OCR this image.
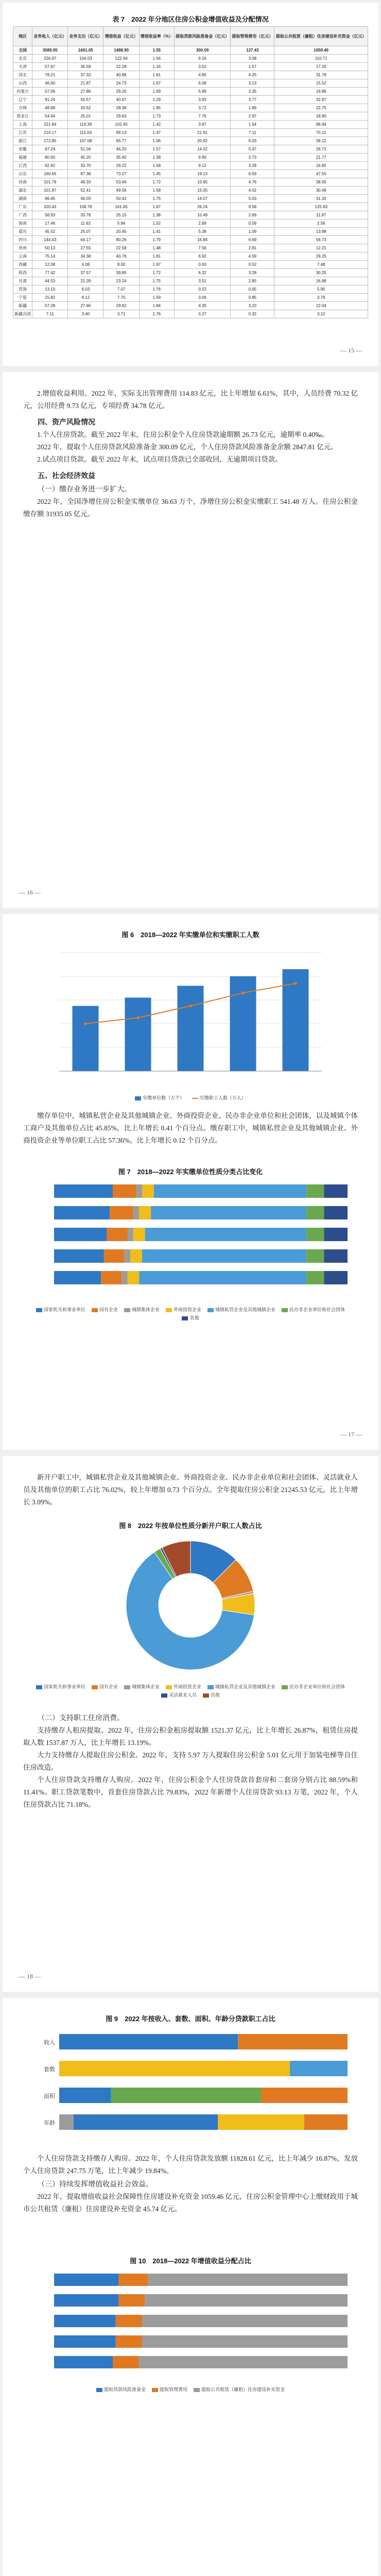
表 7　2022 年分地区住房公积金增值收益及分配情况
地区	业务收入（亿元）	业务支出（亿元）	增值收益（亿元）	增值收益率（%）	提取贷款风险准备金（亿元）	提取管理费用（亿元）	提取公共租赁（廉租）住房建设补充资金（亿元）
全国	3089.95	1601.05	1488.90	1.55	300.09	127.43	1059.46
北京	226.97	104.03	122.94	1.56	9.16	3.08	110.71
天津	57.87	35.59	22.28	1.16	3.52	1.57	17.20
河北	78.21	37.33	40.88	1.61	4.85	4.25	31.78
山西	46.60	21.87	24.73	1.67	6.08	3.13	15.52
内蒙古	57.06	27.86	29.20	1.69	5.99	3.35	19.86
辽宁	91.24	50.57	40.67	1.29	3.93	3.77	32.97
吉林	48.88	20.52	28.36	1.95	3.72	1.89	22.75
黑龙江	54.64	25.01	29.63	1.73	7.76	2.97	18.90
上海	221.84	119.39	102.45	1.42	3.97	1.54	96.94
江苏	214.17	115.04	99.13	1.47	21.91	7.11	70.12
浙江	172.85	107.08	65.77	1.06	20.62	6.03	39.12
安徽	97.24	51.04	46.20	1.57	14.02	5.47	26.71
福建	80.60	45.20	35.40	1.38	9.90	3.73	21.77
江西	62.92	33.70	29.22	1.58	9.12	3.28	16.82
山东	160.65	87.38	73.27	1.45	19.13	6.59	47.55
河南	101.79	48.33	53.46	1.72	10.65	4.76	38.05
湖北	101.97	52.41	49.56	1.58	15.05	4.02	30.49
湖南	96.45	46.03	50.42	1.75	14.07	5.03	31.32
广东	320.43	158.78	161.65	1.67	26.24	9.58	125.83
广西	58.93	33.78	25.15	1.38	10.49	2.69	11.97
海南	17.46	11.62	5.84	1.02	2.69	0.59	2.56
重庆	45.52	25.07	20.45	1.41	5.38	1.09	13.98
四川	144.43	64.17	80.26	1.79	16.84	6.69	56.73
贵州	50.13	27.55	22.58	1.48	7.56	2.81	12.21
云南	75.14	34.38	40.76	1.81	6.92	4.59	29.25
西藏	12.08	4.08	8.00	1.97	0.00	0.52	7.48
陕西	77.42	37.57	39.85	1.72	6.32	3.28	30.25
甘肃	44.53	21.29	23.24	1.75	3.51	2.85	16.88
青海	13.10	6.03	7.07	1.76	0.22	0.95	5.90
宁夏	15.82	8.12	7.70	1.59	3.06	0.85	3.79
新疆	57.28	27.66	29.62	1.84	4.35	3.23	22.04
新疆兵团	7.11	3.40	3.71	1.76	0.27	0.32	3.12
— 15 —

2.增值收益利用。2022 年，实际支出管理费用 114.83 亿元，比上年增加 6.61%，其中，人员经费 70.32 亿元，公用经费 9.73 亿元，专项经费 34.78 亿元。

四、资产风险情况

1.个人住房贷款。截至 2022 年末，住房公积金个人住房贷款逾期额 26.73 亿元，逾期率 0.40‰。

2022 年，提取个人住房贷款风险准备金 300.09 亿元，个人住房贷款风险准备金余额 2847.81 亿元。

2.试点项目贷款。截至 2022 年末，试点项目贷款已全部收回，无逾期项目贷款。

五、社会经济效益
（一）缴存业务进一步扩大。

2022 年，全国净增住房公积金实缴单位 36.63 万个，净增住房公积金实缴职工 541.48 万人。住房公积金缴存额 31935.05 亿元。

— 16 —
图 6　2018—2022 年实缴单位和实缴职工人数
实缴单位数（万个）	实缴职工人数（万人）

缴存单位中，城镇私营企业及其他城镇企业、外商投资企业、民办非企业单位和社会团体，以及城镇个体工商户及其他单位占比 45.85%，比上年增长 0.41 个百分点。缴存职工中，城镇私营企业及其他城镇企业、外商投资企业等单位职工占比 57.36%，比上年增长 0.12 个百分点。

图 7　2018—2022 年实缴单位性质分类占比变化
国家机关和事业单位	国有企业	城镇集体企业	外商投资企业	城镇私营企业及其他城镇企业	民办非企业单位和社会团体其他
— 17 —

新开户职工中，城镇私营企业及其他城镇企业、外商投资企业、民办非企业单位和社会团体、灵活就业人员及其他单位的职工占比 76.02%，较上年增加 0.73 个百分点。全年提取住房公积金 21245.53 亿元，比上年增长 3.09%。

图 8　2022 年按单位性质分新开户职工人数占比
国家机关和事业单位	国有企业	城镇集体企业	外商投资企业	城镇私营企业及其他城镇企业	民办非企业单位和社会团体灵活就业人员	其他
（二）支持职工住房消费。

支持缴存人租房提取。2022 年，住房公积金租房提取额 1521.37 亿元，比上年增长 26.87%，租赁住房提取人数 1537.87 万人，比上年增长 13.19%。

大力支持缴存人提取住房公积金。2022 年，支持 5.97 万人提取住房公积金 5.01 亿元用于加装电梯等自住住房改造。

个人住房贷款支持缴存人购房。2022 年，住房公积金个人住房贷款首套房和二套房分别占比 88.59%和 11.41%。职工贷款笔数中，首套住房贷款占比 79.83%，2022 年新增个人住房贷款 93.13 万笔，2022 年，个人住房贷款占比 71.18%。

— 18 —
图 9　2022 年按收入、套数、面积、年龄分贷款职工占比
收入
套数
面积
年龄

个人住房贷款支持缴存人购房。2022 年，个人住房贷款发放额 11828.61 亿元，比上年减少 16.87%，发放个人住房贷款 247.75 万笔，比上年减少 19.84%。

（三）持续发挥增值收益社会效益。

2022 年，提取增值收益社会保障性住房建设补充资金 1059.46 亿元，住房公积金管理中心上缴财政用于城市公共租赁（廉租）住房建设补充资金 45.74 亿元。

图 10　2018—2022 年增值收益分配占比
提取贷款风险准备金	提取管理费用	提取公共租赁（廉租）住房建设补充资金
